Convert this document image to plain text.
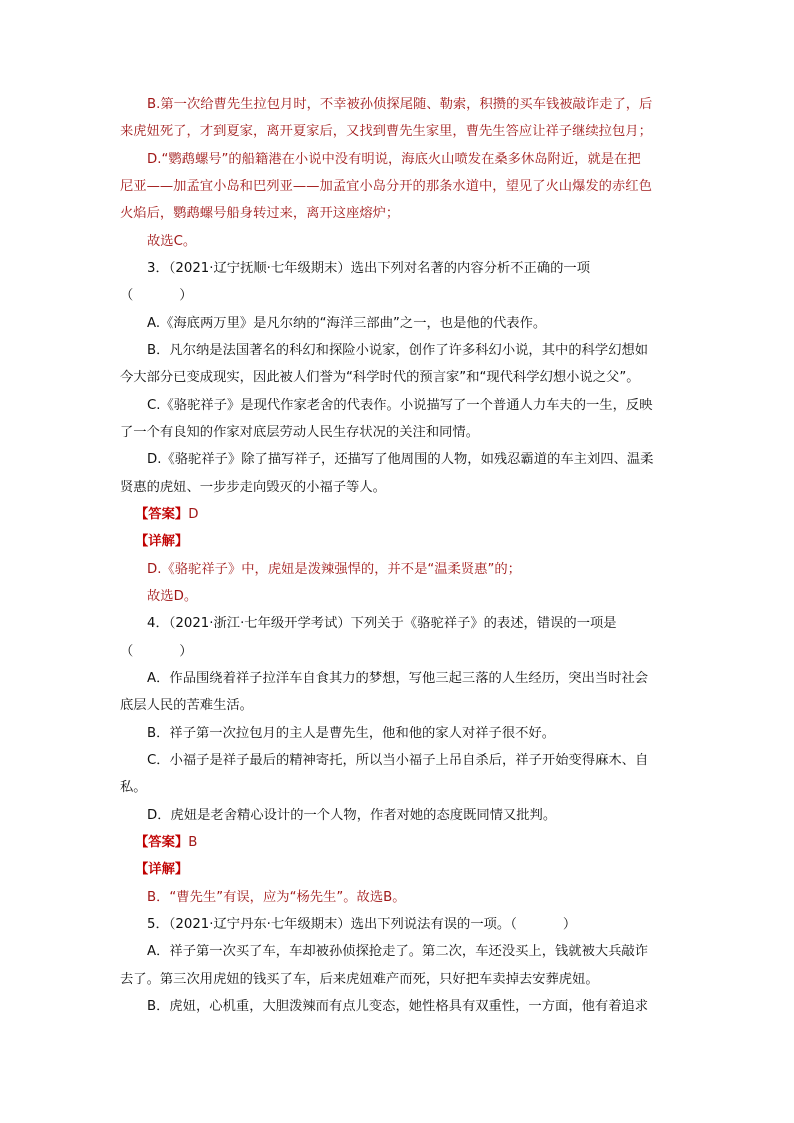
B.第一次给曹先生拉包月时，不幸被孙侦探尾随、勒索，积攒的买车钱被敲诈走了，后
来虎妞死了，才到夏家，离开夏家后，又找到曹先生家里，曹先生答应让祥子继续拉包月；
D.“鹦鹉螺号”的船籍港在小说中没有明说，海底火山喷发在桑多休岛附近，就是在把
尼亚——加孟宜小岛和巴列亚——加孟宜小岛分开的那条水道中，望见了火山爆发的赤红色
火焰后，鹦鹉螺号船身转过来，离开这座熔炉；
故选C。
3．（2021·辽宁抚顺·七年级期末）选出下列对名著的内容分析不正确的一项
（	）
A.《海底两万里》是凡尔纳的“海洋三部曲”之一，也是他的代表作。
B．凡尔纳是法国著名的科幻和探险小说家，创作了许多科幻小说，其中的科学幻想如
今大部分已变成现实，因此被人们誉为“科学时代的预言家”和“现代科学幻想小说之父”。
C.《骆驼祥子》是现代作家老舍的代表作。小说描写了一个普通人力车夫的一生，反映
了一个有良知的作家对底层劳动人民生存状况的关注和同情。
D.《骆驼祥子》除了描写祥子，还描写了他周围的人物，如残忍霸道的车主刘四、温柔
贤惠的虎妞、一步步走向毁灭的小福子等人。
【答案】D
【详解】
D.《骆驼祥子》中，虎妞是泼辣强悍的，并不是“温柔贤惠”的；
故选D。
4．（2021·浙江·七年级开学考试）下列关于《骆驼祥子》的表述，错误的一项是
（	）
A．作品围绕着祥子拉洋车自食其力的梦想，写他三起三落的人生经历，突出当时社会
底层人民的苦难生活。
B．祥子第一次拉包月的主人是曹先生，他和他的家人对祥子很不好。
C．小福子是祥子最后的精神寄托，所以当小福子上吊自杀后，祥子开始变得麻木、自
私。
D．虎妞是老舍精心设计的一个人物，作者对她的态度既同情又批判。
【答案】B
【详解】
B．“曹先生”有误，应为“杨先生”。故选B。
5．（2021·辽宁丹东·七年级期末）选出下列说法有误的一项。（	）
A．祥子第一次买了车，车却被孙侦探抢走了。第二次，车还没买上，钱就被大兵敲诈
去了。第三次用虎妞的钱买了车，后来虎妞难产而死，只好把车卖掉去安葬虎妞。
B．虎妞，心机重，大胆泼辣而有点儿变态，她性格具有双重性，一方面，他有着追求
